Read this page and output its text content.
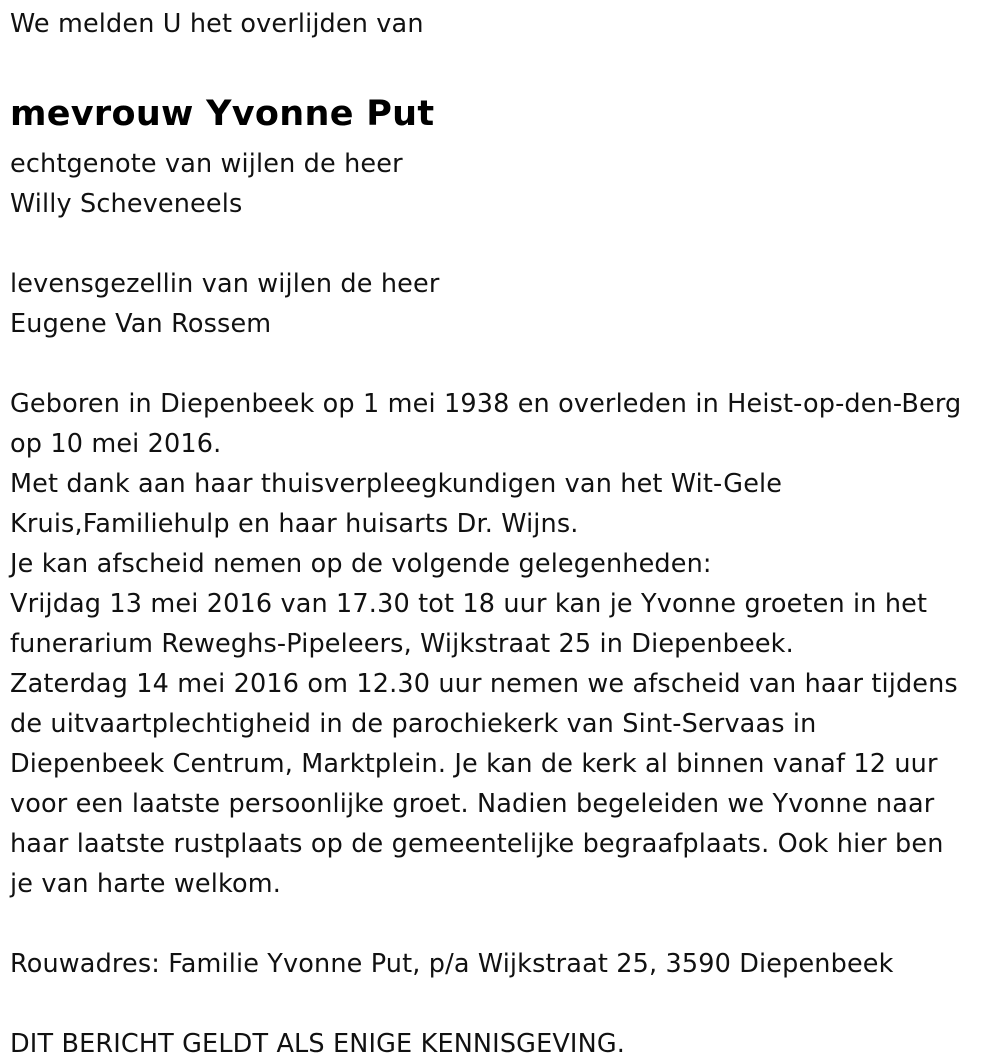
We melden U het overlijden van
mevrouw Yvonne Put
echtgenote van wijlen de heer
Willy Scheveneels
levensgezellin van wijlen de heer
Eugene Van Rossem
Geboren in Diepenbeek op 1 mei 1938 en overleden in Heist-op-den-Berg
op 10 mei 2016.
Met dank aan haar thuisverpleegkundigen van het Wit-Gele
Kruis,Familiehulp en haar huisarts Dr. Wijns.
Je kan afscheid nemen op de volgende gelegenheden:
Vrijdag 13 mei 2016 van 17.30 tot 18 uur kan je Yvonne groeten in het
funerarium Reweghs-Pipeleers, Wijkstraat 25 in Diepenbeek.
Zaterdag 14 mei 2016 om 12.30 uur nemen we afscheid van haar tijdens
de uitvaartplechtigheid in de parochiekerk van Sint-Servaas in
Diepenbeek Centrum, Marktplein. Je kan de kerk al binnen vanaf 12 uur
voor een laatste persoonlijke groet. Nadien begeleiden we Yvonne naar
haar laatste rustplaats op de gemeentelijke begraafplaats. Ook hier ben
je van harte welkom.
Rouwadres: Familie Yvonne Put, p/a Wijkstraat 25, 3590 Diepenbeek
DIT BERICHT GELDT ALS ENIGE KENNISGEVING.
